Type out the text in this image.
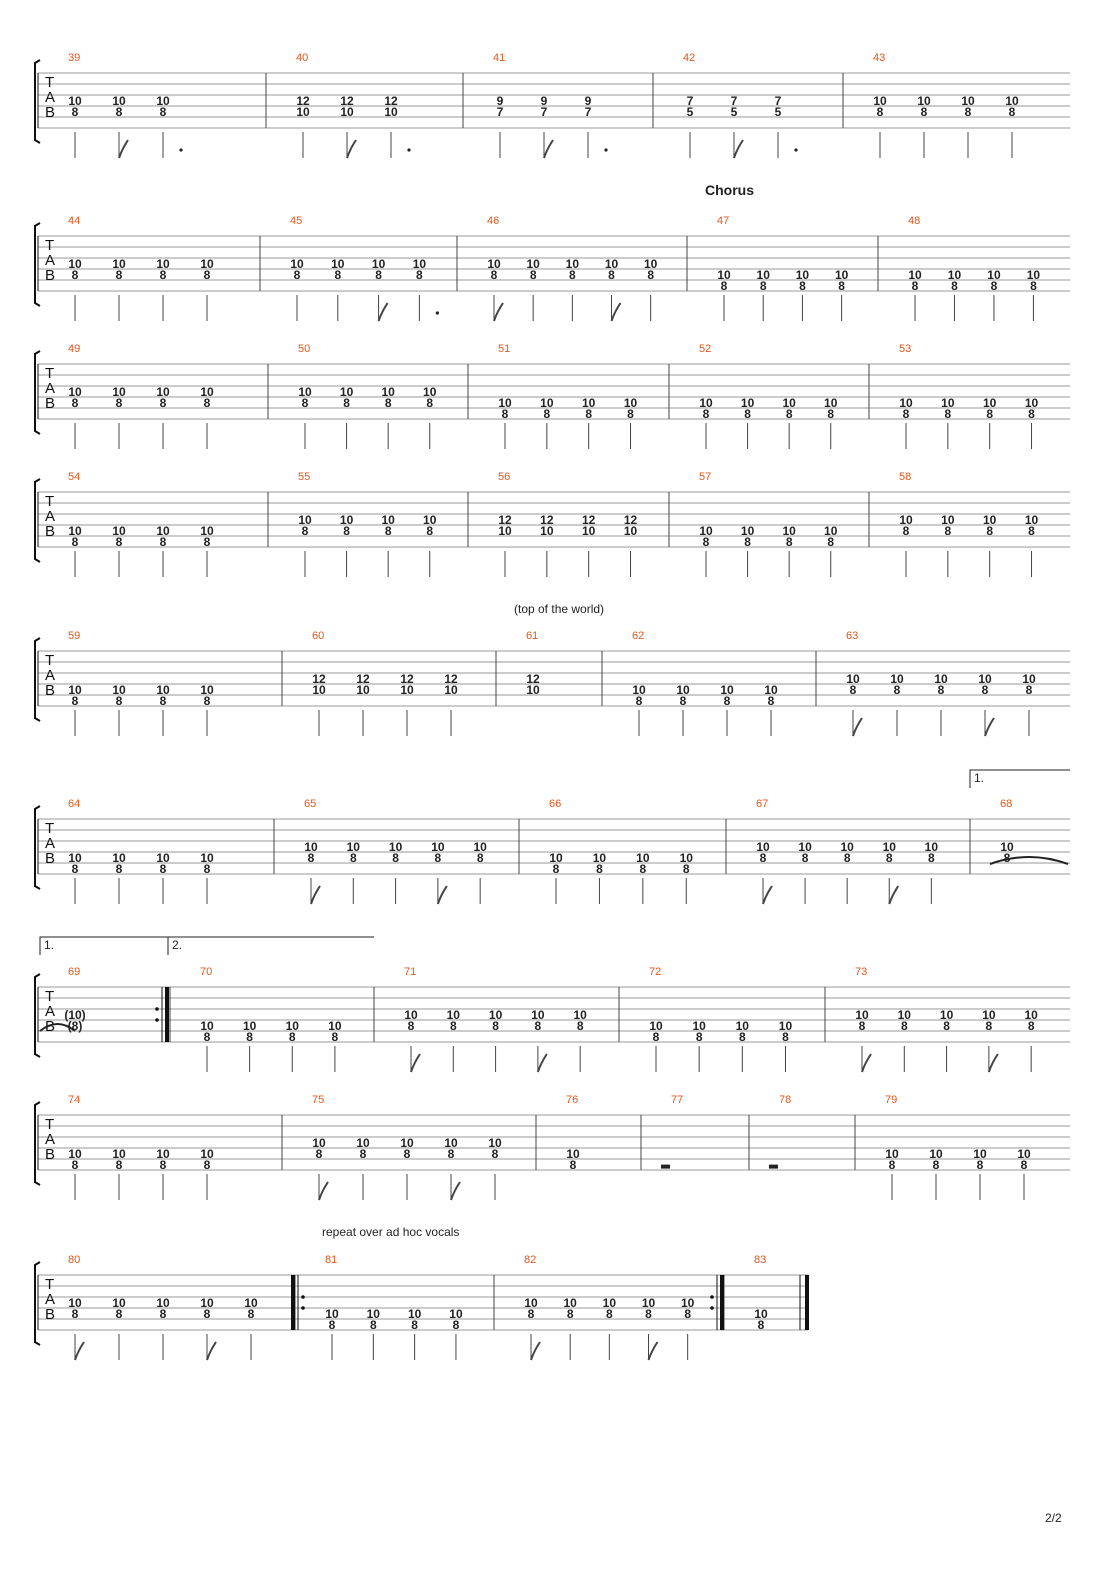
T
A
B
39
10
8
10
8
10
8
40
12
10
12
10
12
10
41
9
7
9
7
9
7
42
7
5
7
5
7
5
43
10
8
10
8
10
8
10
8
T
A
B
44
10
8
10
8
10
8
10
8
45
10
8
10
8
10
8
10
8
46
10
8
10
8
10
8
10
8
10
8
47
10
8
10
8
10
8
10
8
48
10
8
10
8
10
8
10
8
T
A
B
49
10
8
10
8
10
8
10
8
50
10
8
10
8
10
8
10
8
51
10
8
10
8
10
8
10
8
52
10
8
10
8
10
8
10
8
53
10
8
10
8
10
8
10
8
T
A
B
54
10
8
10
8
10
8
10
8
55
10
8
10
8
10
8
10
8
56
12
10
12
10
12
10
12
10
57
10
8
10
8
10
8
10
8
58
10
8
10
8
10
8
10
8
T
A
B
59
10
8
10
8
10
8
10
8
60
12
10
12
10
12
10
12
10
61
12
10
62
10
8
10
8
10
8
10
8
63
10
8
10
8
10
8
10
8
10
8
T
A
B
64
10
8
10
8
10
8
10
8
65
10
8
10
8
10
8
10
8
10
8
66
10
8
10
8
10
8
10
8
67
10
8
10
8
10
8
10
8
10
8
68
10
8
T
A
B
69
(10)
(8)
70
10
8
10
8
10
8
10
8
71
10
8
10
8
10
8
10
8
10
8
72
10
8
10
8
10
8
10
8
73
10
8
10
8
10
8
10
8
10
8
T
A
B
74
10
8
10
8
10
8
10
8
75
10
8
10
8
10
8
10
8
10
8
76
10
8
77	78	79
10
8
10
8
10
8
10
8
T
A
B
80
10
8
10
8
10
8
10
8
10
8
81
10
8
10
8
10
8
10
8
82
10
8
10
8
10
8
10
8
10
8
83
10
8
1.
1.	2.
Chorus
(top of the world)
repeat over ad hoc vocals
2/2
